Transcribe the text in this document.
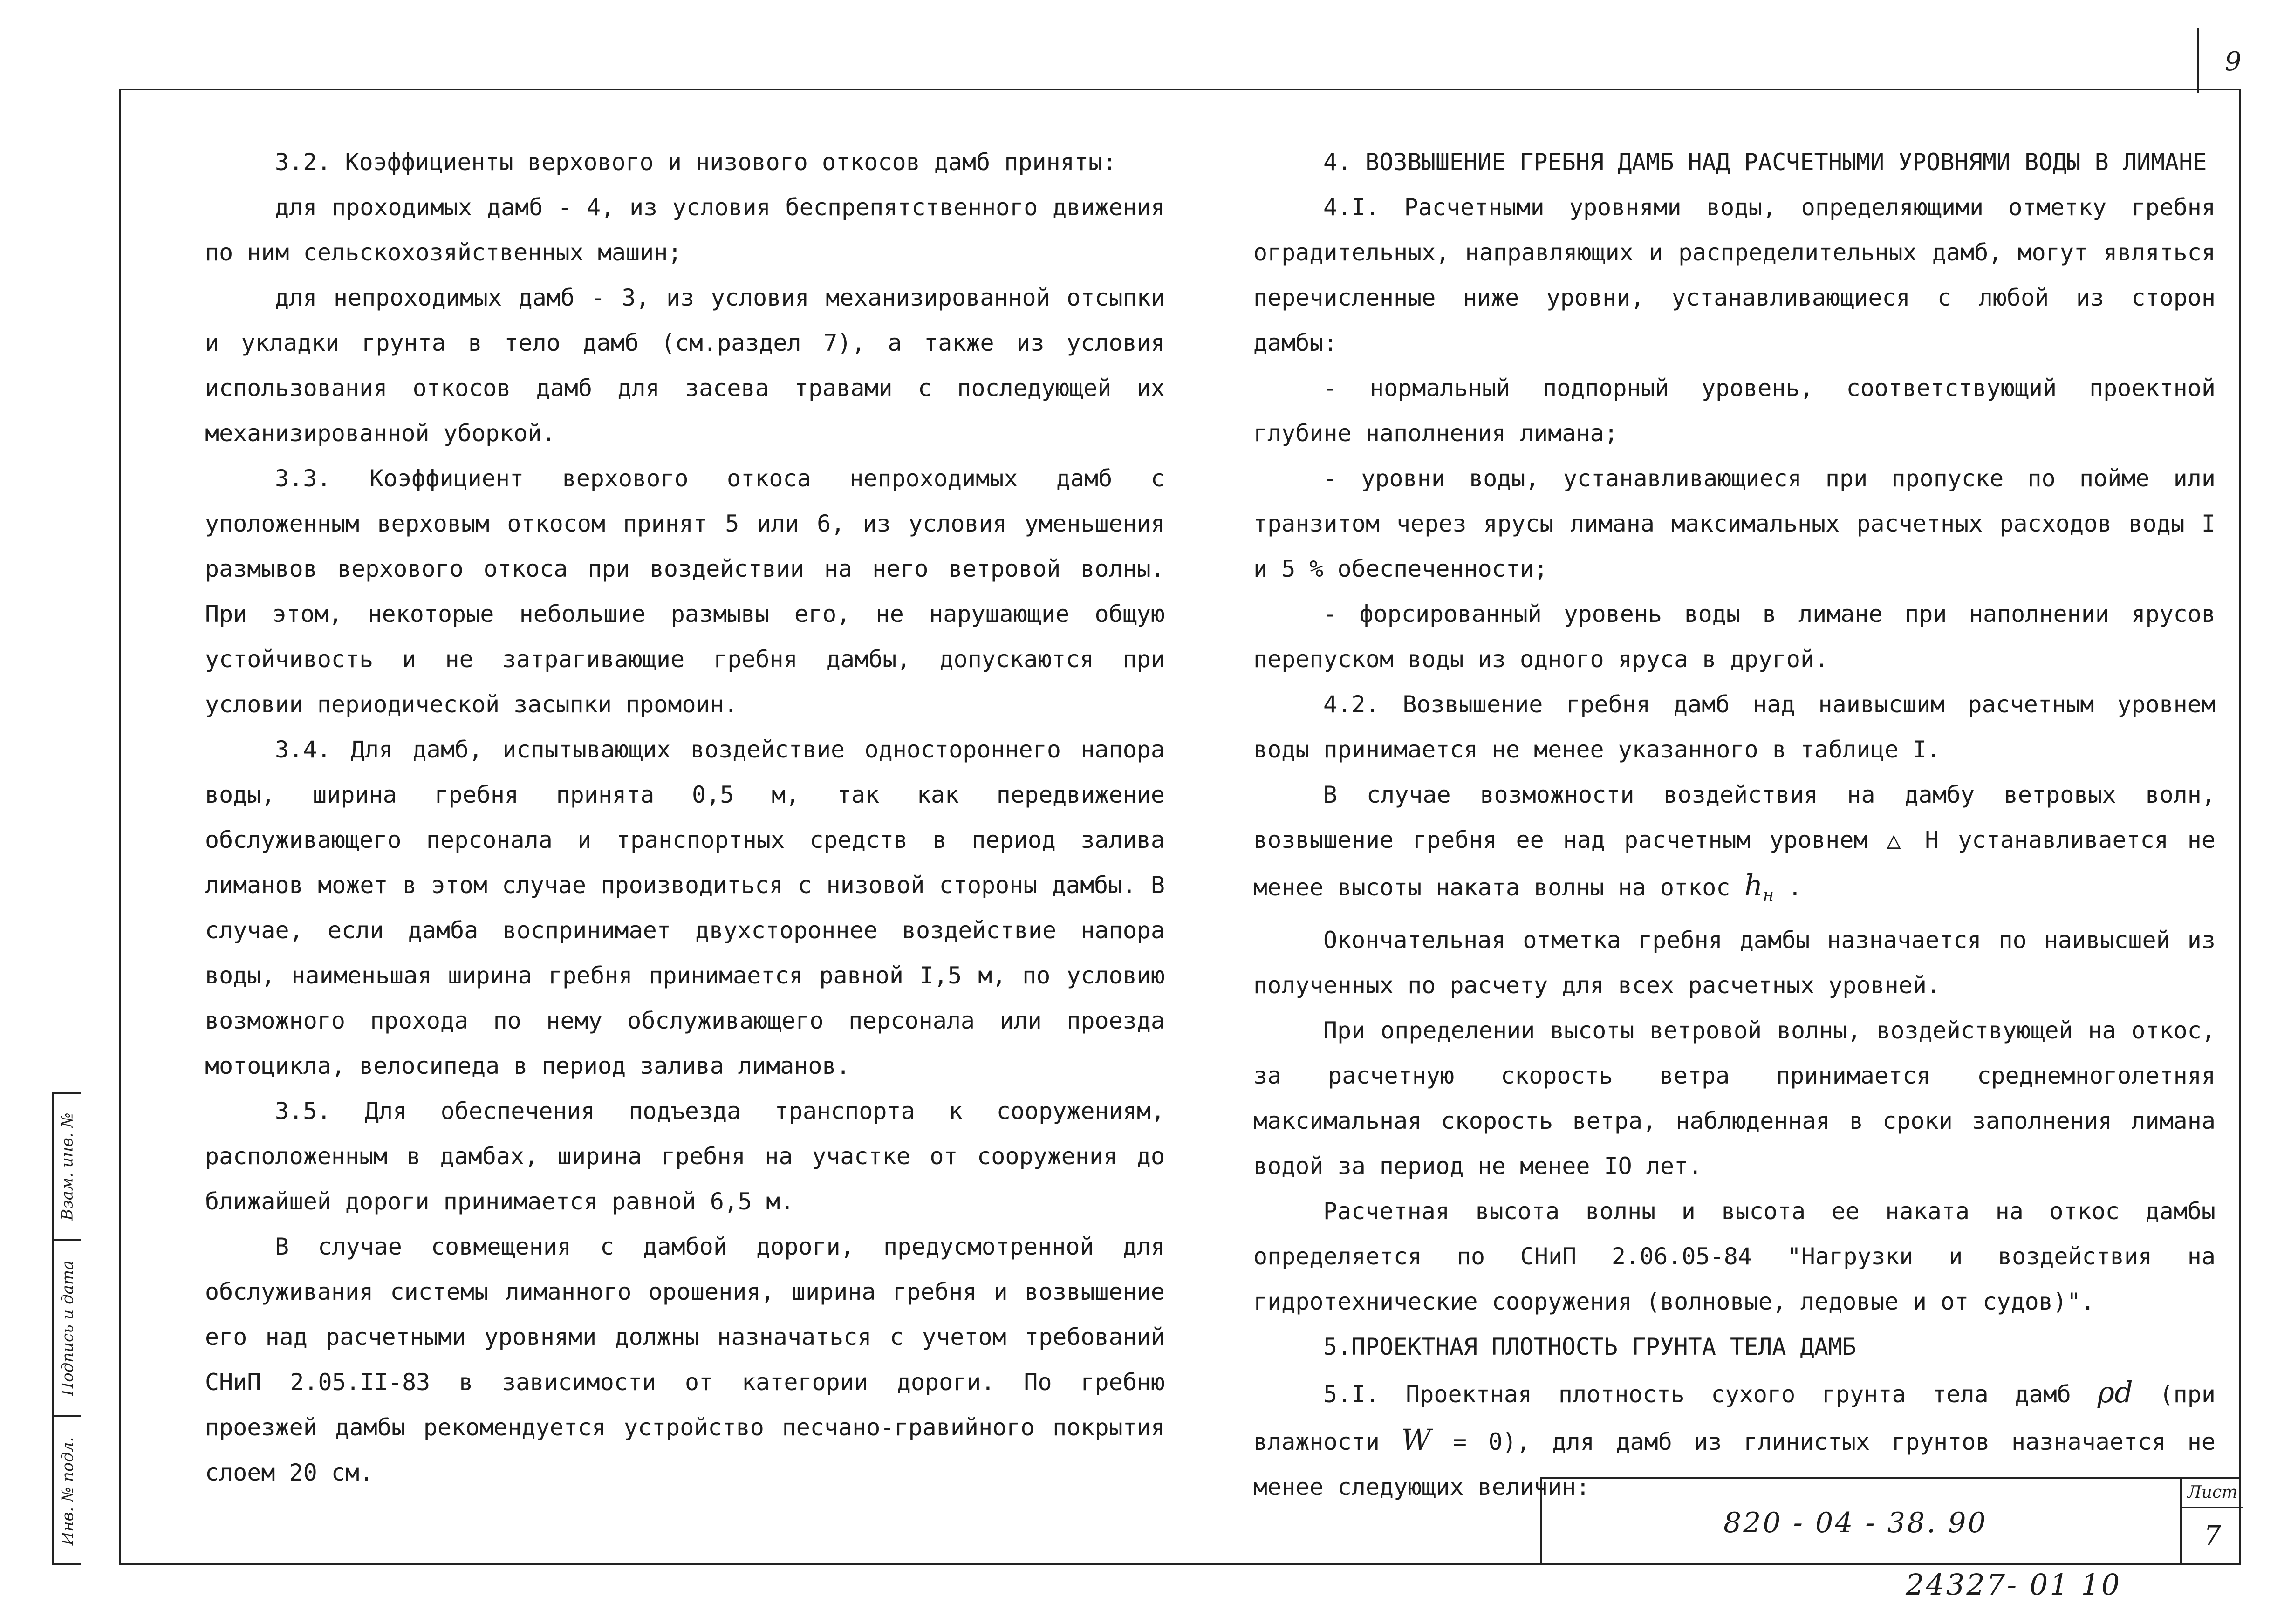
9

3.2. Коэффициенты верхового и низового откосов дамб приняты:

для проходимых дамб - 4, из условия беспрепятственного движения по ним сельскохозяйственных машин;

для непроходимых дамб - 3, из условия механизированной отсыпки и укладки грунта в тело дамб (см.раздел 7), а также из условия использования откосов дамб для засева травами с последующей их механизированной уборкой.

3.3. Коэффициент верхового откоса непроходимых дамб с уположенным верховым откосом принят 5 или 6, из условия уменьшения размывов верхового откоса при воздействии на него ветровой волны. При этом, некоторые небольшие размывы его, не нарушающие общую устойчивость и не затрагивающие гребня дамбы, допускаются при условии периодической засыпки промоин.

3.4. Для дамб, испытывающих воздействие одностороннего напора воды, ширина гребня принята 0,5 м, так как передвижение обслуживающего персонала и транспортных средств в период залива лиманов может в этом случае производиться с низовой стороны дамбы. В случае, если дамба воспринимает двухстороннее воздействие напора воды, наименьшая ширина гребня принимается равной I,5 м, по условию возможного прохода по нему обслуживающего персонала или проезда мотоцикла, велосипеда в период залива лиманов.

3.5. Для обеспечения подъезда транспорта к сооружениям, расположенным в дамбах, ширина гребня на участке от сооружения до ближайшей дороги принимается равной 6,5 м.

В случае совмещения с дамбой дороги, предусмотренной для обслуживания системы лиманного орошения, ширина гребня и возвышение его над расчетными уровнями должны назначаться с учетом требований СНиП 2.05.II-83 в зависимости от категории дороги. По гребню проезжей дамбы рекомендуется устройство песчано-гравийного покрытия слоем 20 см.

4. ВОЗВЫШЕНИЕ ГРЕБНЯ ДАМБ НАД РАСЧЕТНЫМИ УРОВНЯМИ ВОДЫ В ЛИМАНЕ

4.I. Расчетными уровнями воды, определяющими отметку гребня оградительных, направляющих и распределительных дамб, могут являться перечисленные ниже уровни, устанавливающиеся с любой из сторон дамбы:

- нормальный подпорный уровень, соответствующий проектной глубине наполнения лимана;

- уровни воды, устанавливающиеся при пропуске по пойме или транзитом через ярусы лимана максимальных расчетных расходов воды I и 5 % обеспеченности;

- форсированный уровень воды в лимане при наполнении ярусов перепуском воды из одного яруса в другой.

4.2. Возвышение гребня дамб над наивысшим расчетным уровнем воды принимается не менее указанного в таблице I.

В случае возможности воздействия на дамбу ветровых волн, возвышение гребня ее над расчетным уровнем △ Н устанавливается не менее высоты наката волны на откос $h_н$ .

Окончательная отметка гребня дамбы назначается по наивысшей из полученных по расчету для всех расчетных уровней.

При определении высоты ветровой волны, воздействующей на откос, за расчетную скорость ветра принимается среднемноголетняя максимальная скорость ветра, наблюденная в сроки заполнения лимана водой за период не менее IO лет.

Расчетная высота волны и высота ее наката на откос дамбы определяется по СНиП 2.06.05-84 "Нагрузки и воздействия на гидротехнические сооружения (волновые, ледовые и от судов)".

5.ПРОЕКТНАЯ ПЛОТНОСТЬ ГРУНТА ТЕЛА ДАМБ

5.I. Проектная плотность сухого грунта тела дамб ρd (при влажности W = 0), для дамб из глинистых грунтов назначается не менее следующих величин:

Взам. инв. №
Подпись и дата
Инв. № подл.	820 - 04 - 38. 90
Лист
7
24327- 01 10
